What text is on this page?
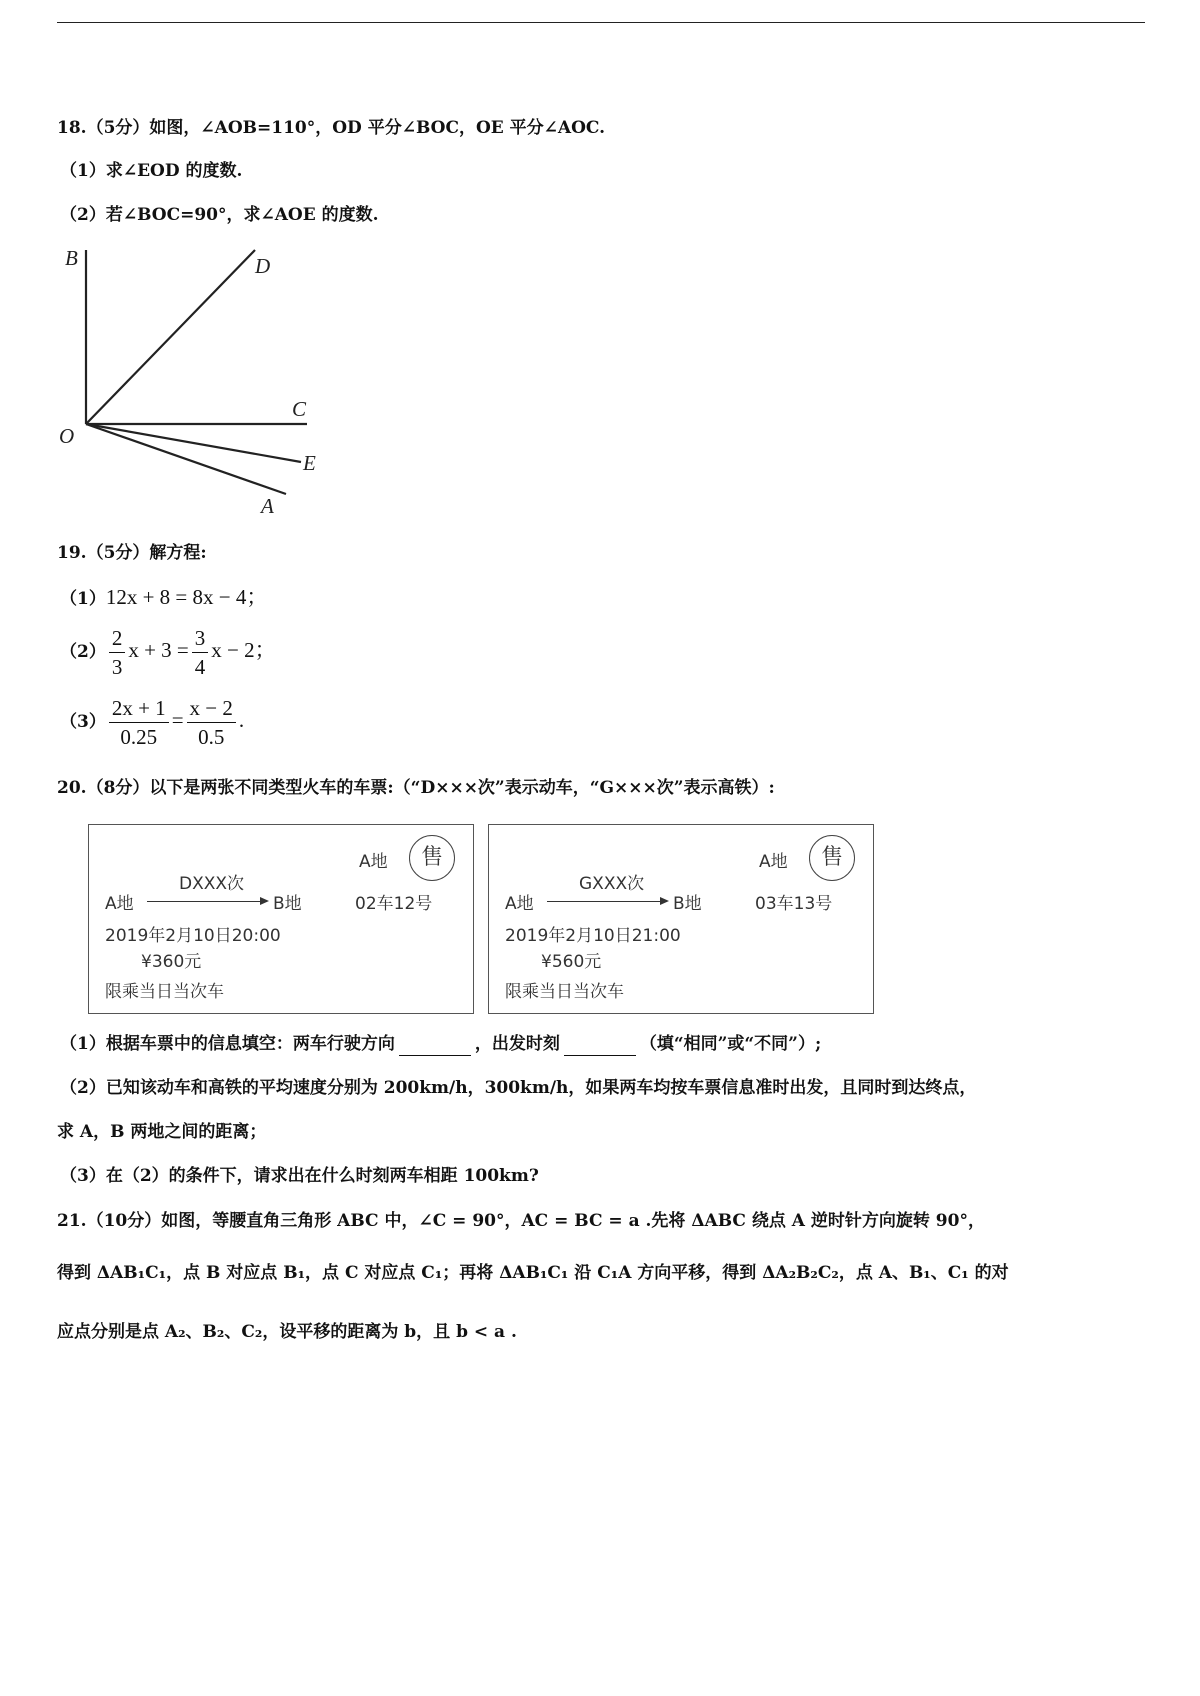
18.（5分）如图，∠AOB=110°，OD 平分∠BOC，OE 平分∠AOC.
（1）求∠EOD 的度数.
（2）若∠BOC=90°，求∠AOE 的度数.
B	D
C
O
E
A
19.（5分）解方程:
（1）12x + 8 = 8x − 4；
$(2) \frac{2}{3}$ $x + 3 = \frac{3}{4}$ x − 2；
$(3) \frac{2x + 1}{0.25} = \frac{x - 2}{0.5}$ .
20.（8分）以下是两张不同类型火车的车票:（“D×××次”表示动车，“G×××次”表示高铁）:
A地	售
DXXX次
A地	B地	02车12号
2019年2月10日20:00
¥360元
限乘当日当次车
A地	售
GXXX次
A地	B地	03车13号
2019年2月10日21:00
¥560元
限乘当日当次车
（1）根据车票中的信息填空：两车行驶方向	，出发时刻	（填“相同”或“不同”）;
（2）已知该动车和高铁的平均速度分别为 200km/h，300km/h，如果两车均按车票信息准时出发，且同时到达终点，
求 A，B 两地之间的距离；
（3）在（2）的条件下，请求出在什么时刻两车相距 100km?
21.（10分）如图，等腰直角三角形 ABC 中，∠C = 90°，AC = BC = a .先将 ΔABC 绕点 A 逆时针方向旋转 90°，
得到 ΔAB₁C₁，点 B 对应点 B₁，点 C 对应点 C₁；再将 ΔAB₁C₁ 沿 C₁A 方向平移，得到 ΔA₂B₂C₂，点 A、B₁、C₁ 的对
应点分别是点 A₂、B₂、C₂，设平移的距离为 b，且 b < a .
